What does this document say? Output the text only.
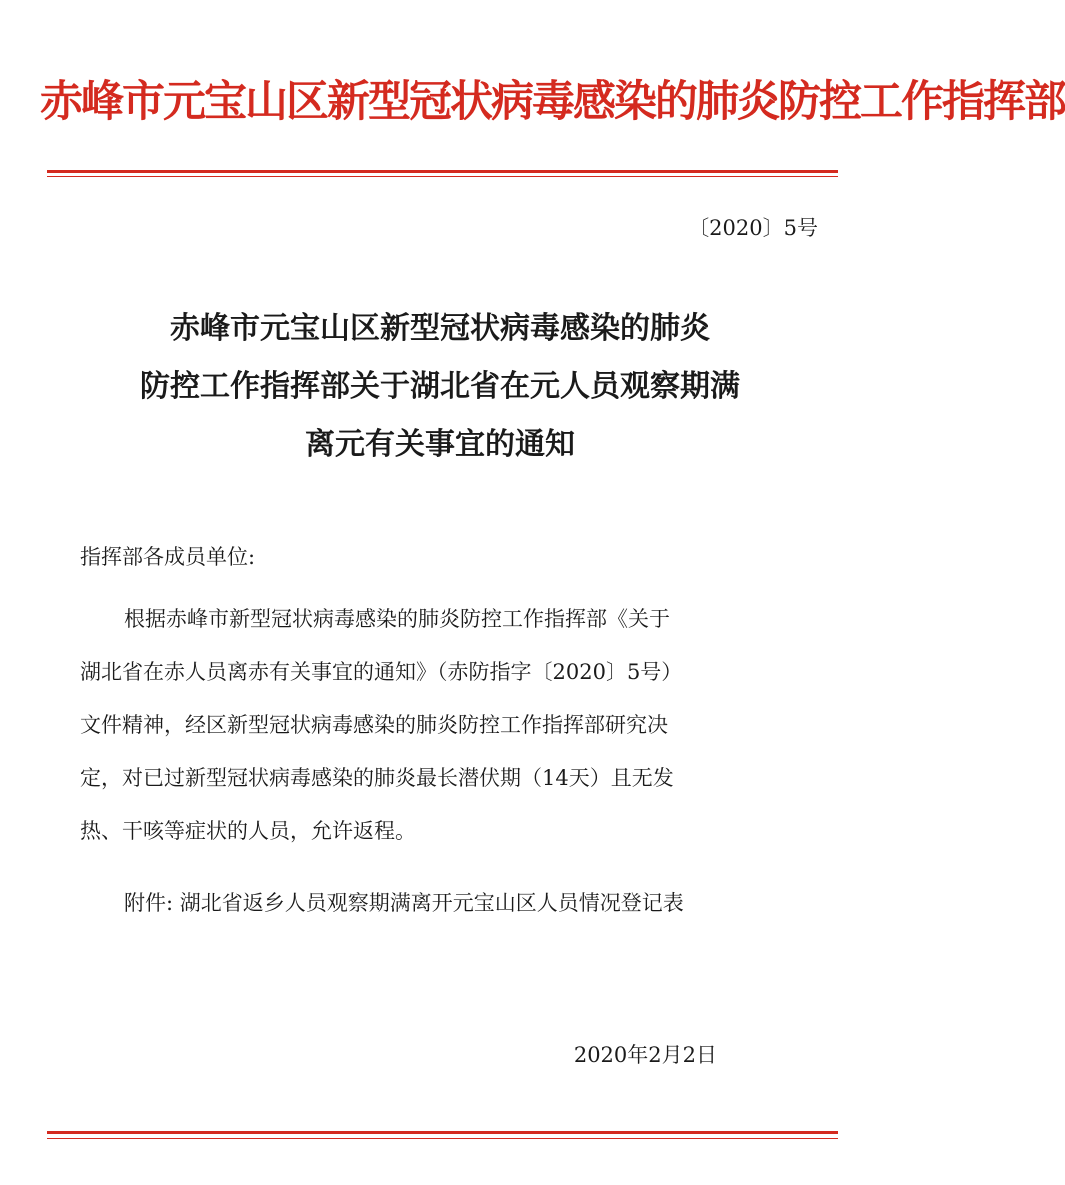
赤峰市元宝山区新型冠状病毒感染的肺炎防控工作指挥部
〔2020〕5号
赤峰市元宝山区新型冠状病毒感染的肺炎
防控工作指挥部关于湖北省在元人员观察期满
离元有关事宜的通知
指挥部各成员单位:
根据赤峰市新型冠状病毒感染的肺炎防控工作指挥部《关于
湖北省在赤人员离赤有关事宜的通知》（赤防指字〔2020〕5号）
文件精神，经区新型冠状病毒感染的肺炎防控工作指挥部研究决
定，对已过新型冠状病毒感染的肺炎最长潜伏期（14天）且无发
热、干咳等症状的人员，允许返程。
附件: 湖北省返乡人员观察期满离开元宝山区人员情况登记表
2020年2月2日
